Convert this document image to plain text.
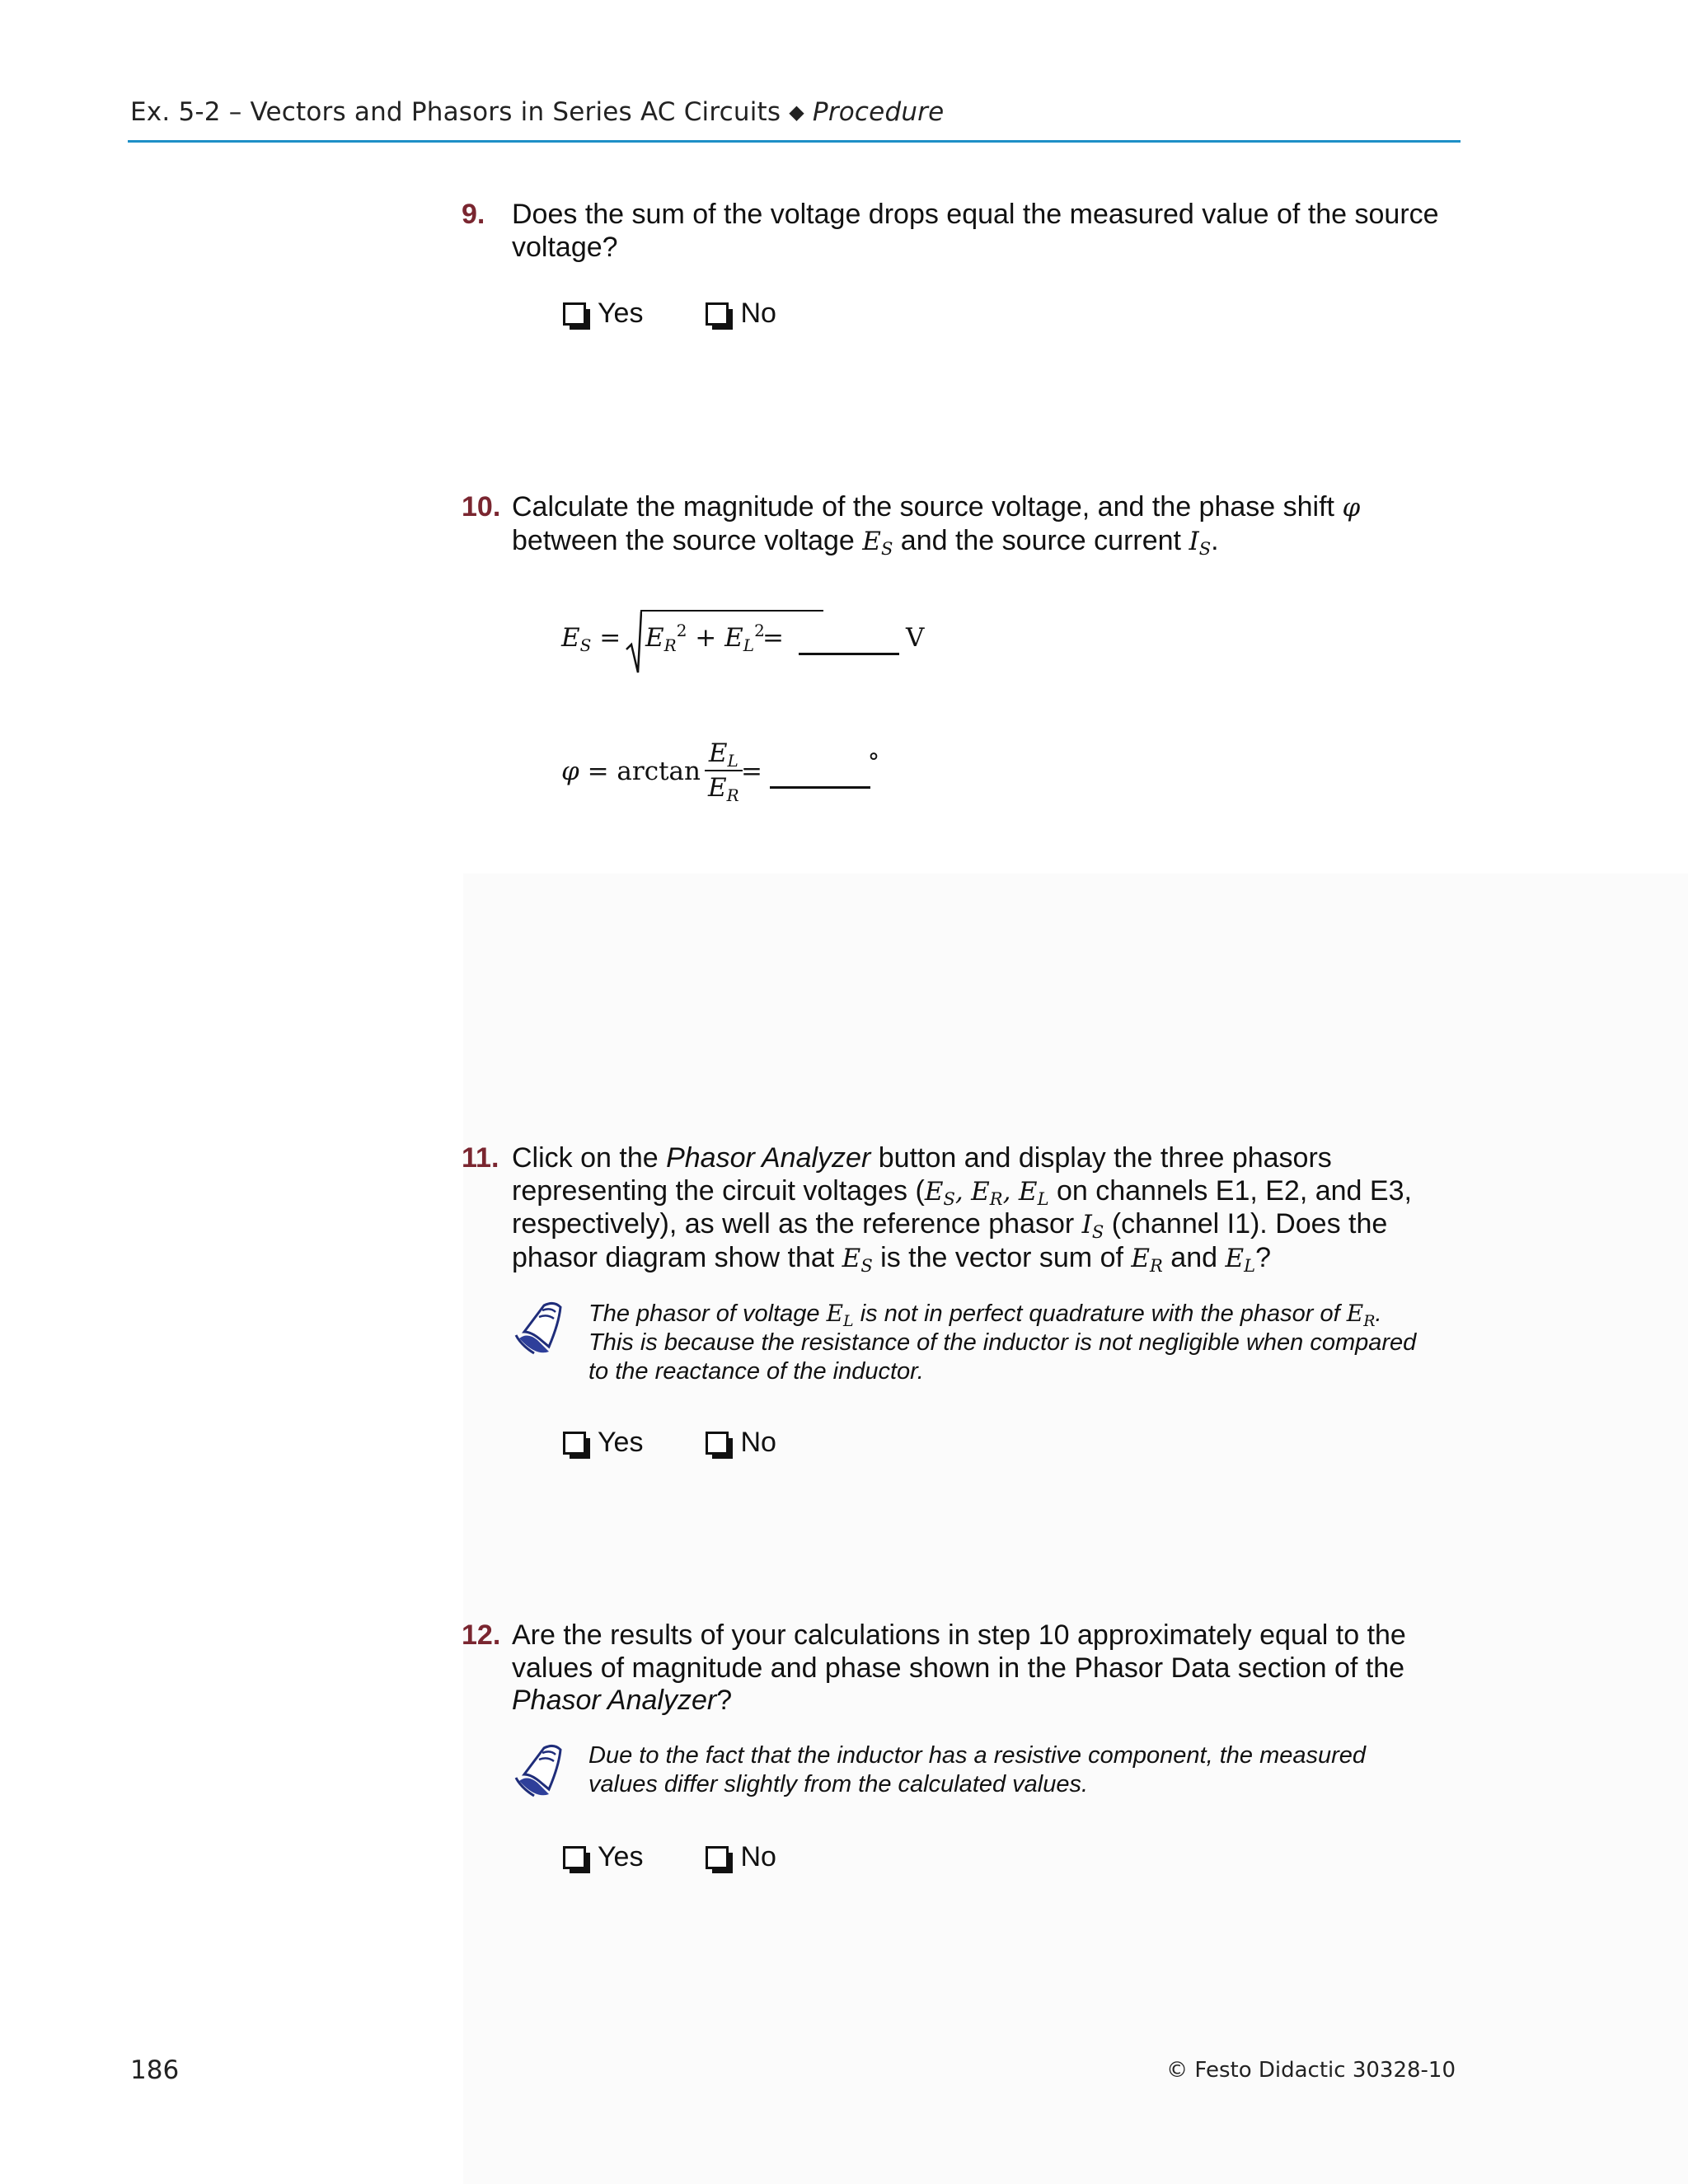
Ex. 5-2 – Vectors and Phasors in Series AC Circuits ◆ Procedure
9. Does the sum of the voltage drops equal the measured value of the source
voltage?
Yes	No
10. Calculate the magnitude of the source voltage, and the phase shift φ
between the source voltage $E_S$ and the source current $I_S$.
$E_S = E_R^2 + E_L^2$
=	V
$\varphi = \arctan \frac{E_L}{E_R}$
=	°
11. Click on the Phasor Analyzer button and display the three phasors
representing the circuit voltages ($E_S$, $E_R$, $E_L$ on channels E1, E2, and E3,
respectively), as well as the reference phasor $I_S$ (channel I1). Does the
phasor diagram show that $E_S$ is the vector sum of $E_R$ and $E_L$?
The phasor of voltage $E_L$ is not in perfect quadrature with the phasor of $E_R$.
This is because the resistance of the inductor is not negligible when compared
to the reactance of the inductor.
Yes	No
12. Are the results of your calculations in step 10 approximately equal to the
values of magnitude and phase shown in the Phasor Data section of the
Phasor Analyzer?
Due to the fact that the inductor has a resistive component, the measured
values differ slightly from the calculated values.
Yes	No
186	© Festo Didactic 30328-10
